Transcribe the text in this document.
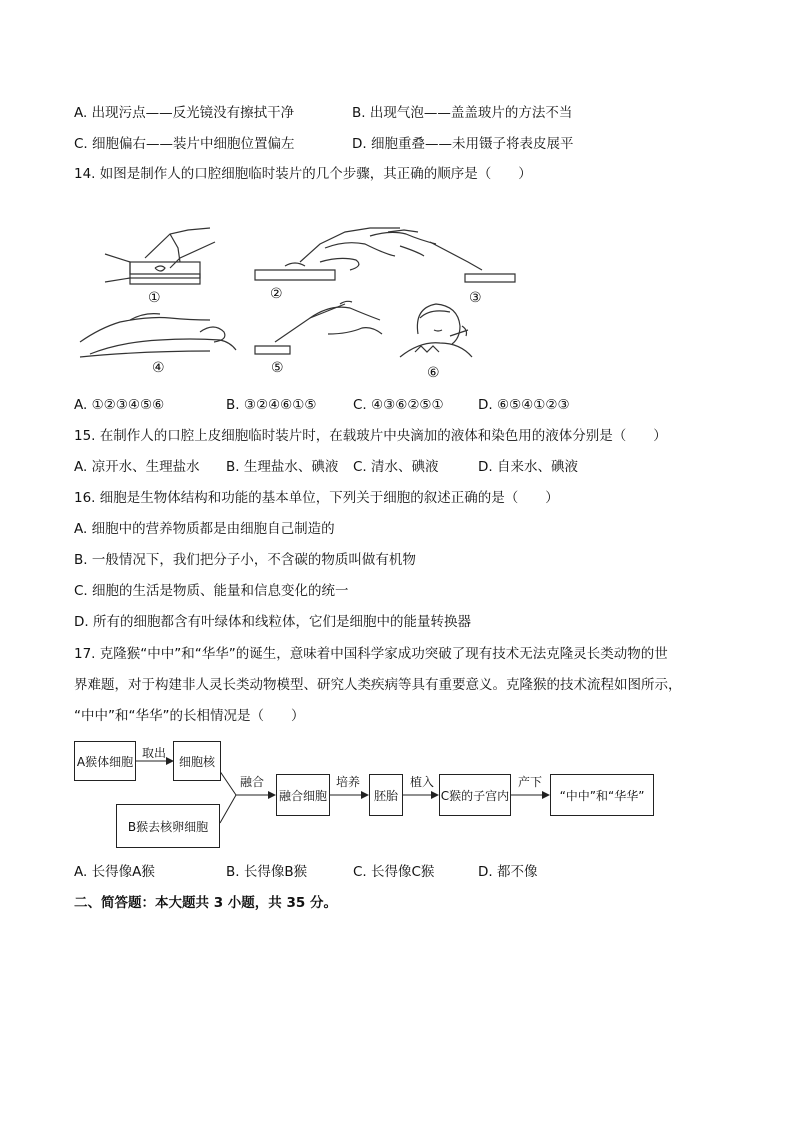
A. 出现污点——反光镜没有擦拭干净	B. 出现气泡——盖盖玻片的方法不当
C. 细胞偏右——装片中细胞位置偏左	D. 细胞重叠——未用镊子将表皮展平
14. 如图是制作人的口腔细胞临时装片的几个步骤，其正确的顺序是（　　）
①	②	③
④	⑤	⑥
A. ①②③④⑤⑥	B. ③②④⑥①⑤	C. ④③⑥②⑤①	D. ⑥⑤④①②③
15. 在制作人的口腔上皮细胞临时装片时，在载玻片中央滴加的液体和染色用的液体分别是（　　）
A. 凉开水、生理盐水 B. 生理盐水、碘液 C. 清水、碘液	D. 自来水、碘液
16. 细胞是生物体结构和功能的基本单位，下列关于细胞的叙述正确的是（　　）
A. 细胞中的营养物质都是由细胞自己制造的
B. 一般情况下，我们把分子小，不含碳的物质叫做有机物
C. 细胞的生活是物质、能量和信息变化的统一
D. 所有的细胞都含有叶绿体和线粒体，它们是细胞中的能量转换器
17. 克隆猴“中中”和“华华”的诞生，意味着中国科学家成功突破了现有技术无法克隆灵长类动物的世
界难题，对于构建非人灵长类动物模型、研究人类疾病等具有重要意义。克隆猴的技术流程如图所示，
“中中”和“华华”的长相情况是（　　）
A猴体细胞	细胞核
B猴去核卵细胞
融合细胞	胚胎	C猴的子宫内	“中中”和“华华”
取出
融合	培养	植入	产下
A. 长得像A猴	B. 长得像B猴	C. 长得像C猴	D. 都不像
二、简答题：本大题共 3 小题，共 35 分。
